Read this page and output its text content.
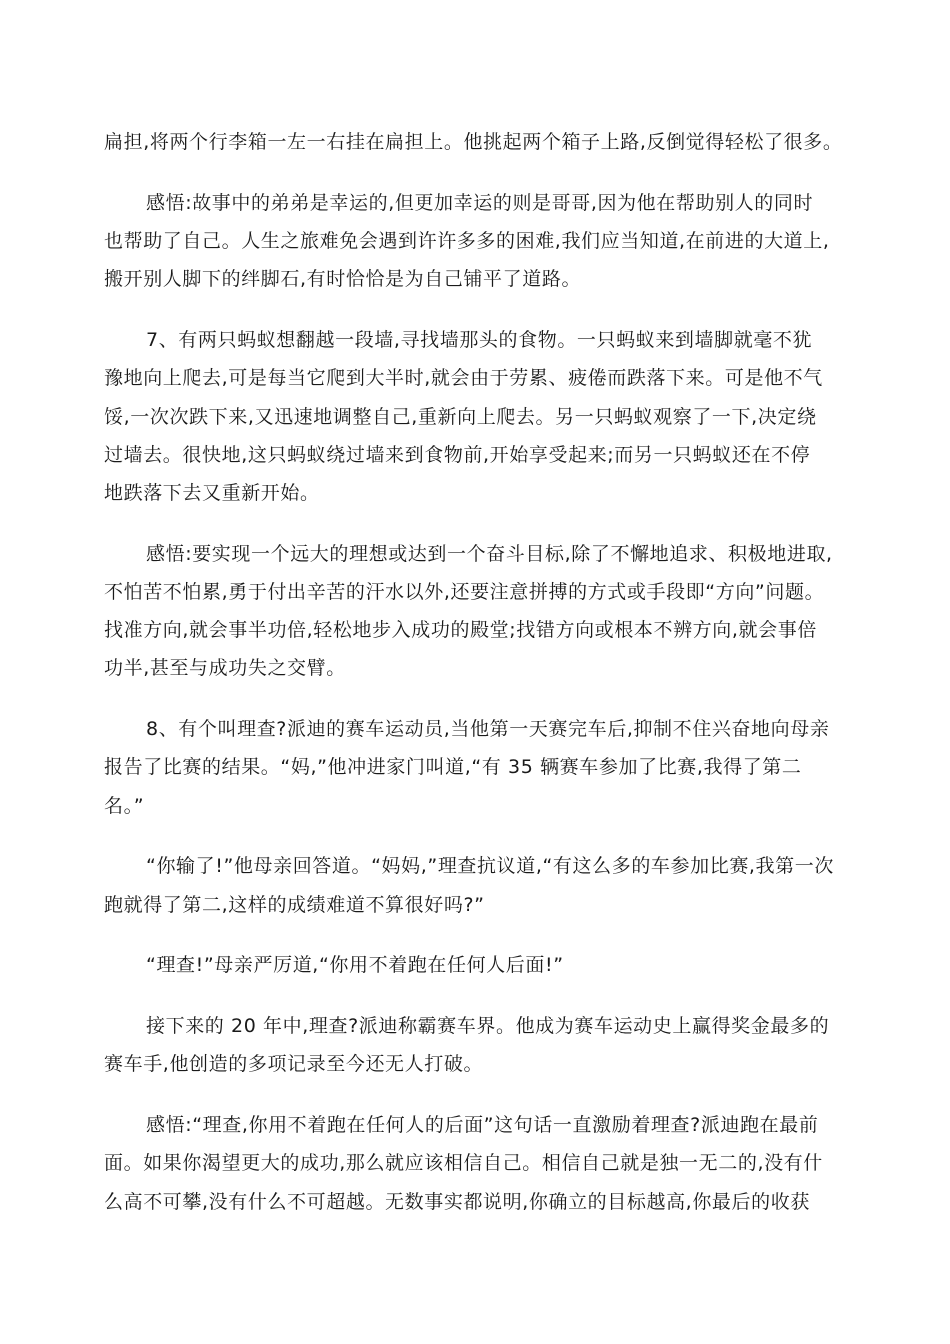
扁担,将两个行李箱一左一右挂在扁担上。他挑起两个箱子上路,反倒觉得轻松了很多。
感悟:故事中的弟弟是幸运的,但更加幸运的则是哥哥,因为他在帮助别人的同时
也帮助了自己。人生之旅难免会遇到许许多多的困难,我们应当知道,在前进的大道上,
搬开别人脚下的绊脚石,有时恰恰是为自己铺平了道路。
7、有两只蚂蚁想翻越一段墙,寻找墙那头的食物。一只蚂蚁来到墙脚就毫不犹
豫地向上爬去,可是每当它爬到大半时,就会由于劳累、疲倦而跌落下来。可是他不气
馁,一次次跌下来,又迅速地调整自己,重新向上爬去。另一只蚂蚁观察了一下,决定绕
过墙去。很快地,这只蚂蚁绕过墙来到食物前,开始享受起来;而另一只蚂蚁还在不停
地跌落下去又重新开始。
感悟:要实现一个远大的理想或达到一个奋斗目标,除了不懈地追求、积极地进取,
不怕苦不怕累,勇于付出辛苦的汗水以外,还要注意拼搏的方式或手段即“方向”问题。
找准方向,就会事半功倍,轻松地步入成功的殿堂;找错方向或根本不辨方向,就会事倍
功半,甚至与成功失之交臂。
8、有个叫理查?派迪的赛车运动员,当他第一天赛完车后,抑制不住兴奋地向母亲
报告了比赛的结果。“妈,”他冲进家门叫道,“有 35 辆赛车参加了比赛,我得了第二
名。”
“你输了!”他母亲回答道。“妈妈,”理查抗议道,“有这么多的车参加比赛,我第一次
跑就得了第二,这样的成绩难道不算很好吗?”
“理查!”母亲严厉道,“你用不着跑在任何人后面!”
接下来的 20 年中,理查?派迪称霸赛车界。他成为赛车运动史上赢得奖金最多的
赛车手,他创造的多项记录至今还无人打破。
感悟:“理查,你用不着跑在任何人的后面”这句话一直激励着理查?派迪跑在最前
面。如果你渴望更大的成功,那么就应该相信自己。相信自己就是独一无二的,没有什
么高不可攀,没有什么不可超越。无数事实都说明,你确立的目标越高,你最后的收获
